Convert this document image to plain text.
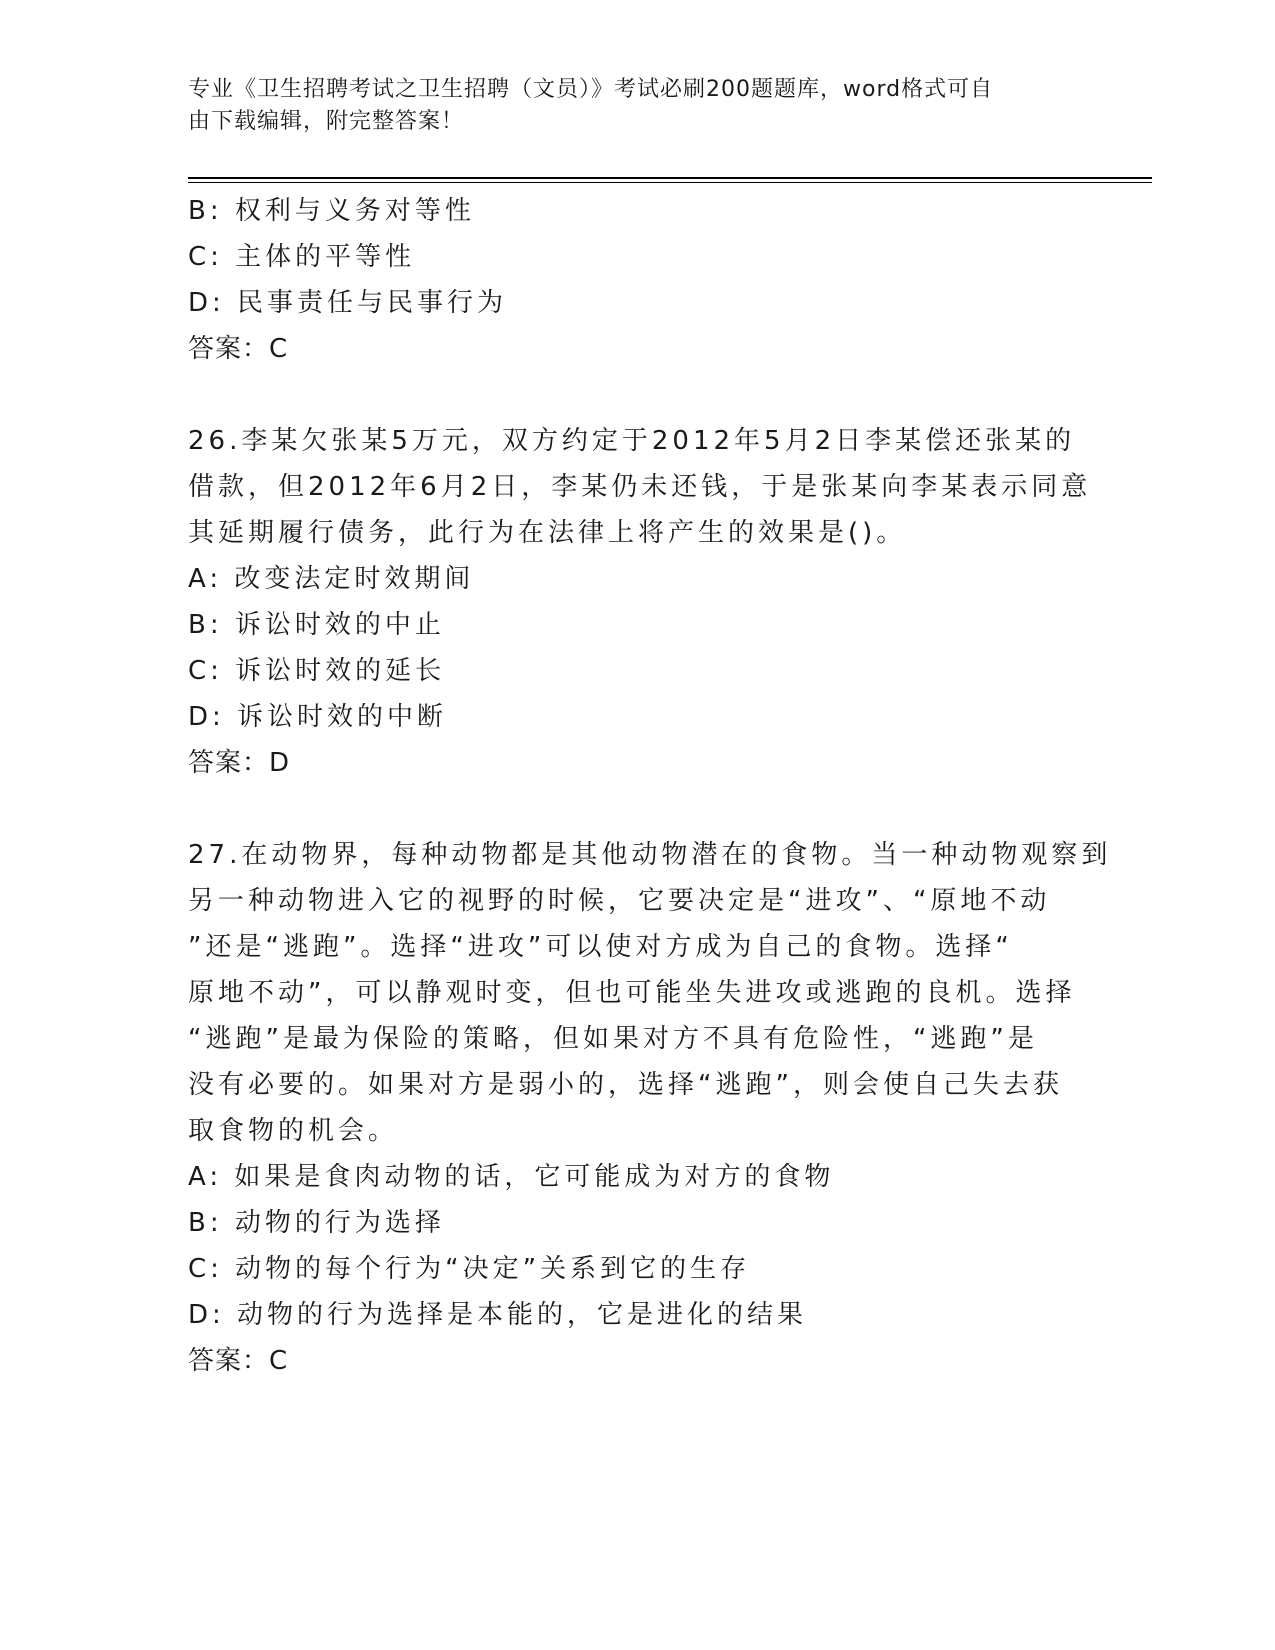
专业《卫生招聘考试之卫生招聘（文员）》考试必刷200题题库，word格式可自
由下载编辑，附完整答案！
B: 权利与义务对等性
C: 主体的平等性
D: 民事责任与民事行为
答案：C
26.李某欠张某5万元，双方约定于2012年5月2日李某偿还张某的
借款，但2012年6月2日，李某仍未还钱，于是张某向李某表示同意
其延期履行债务，此行为在法律上将产生的效果是()。
A: 改变法定时效期间
B: 诉讼时效的中止
C: 诉讼时效的延长
D: 诉讼时效的中断
答案：D
27.在动物界，每种动物都是其他动物潜在的食物。当一种动物观察到
另一种动物进入它的视野的时候，它要决定是“进攻”、“原地不动
”还是“逃跑”。选择“进攻”可以使对方成为自己的食物。选择“
原地不动”，可以静观时变，但也可能坐失进攻或逃跑的良机。选择
“逃跑”是最为保险的策略，但如果对方不具有危险性，“逃跑”是
没有必要的。如果对方是弱小的，选择“逃跑”，则会使自己失去获
取食物的机会。
A: 如果是食肉动物的话，它可能成为对方的食物
B: 动物的行为选择
C: 动物的每个行为“决定”关系到它的生存
D: 动物的行为选择是本能的，它是进化的结果
答案：C
